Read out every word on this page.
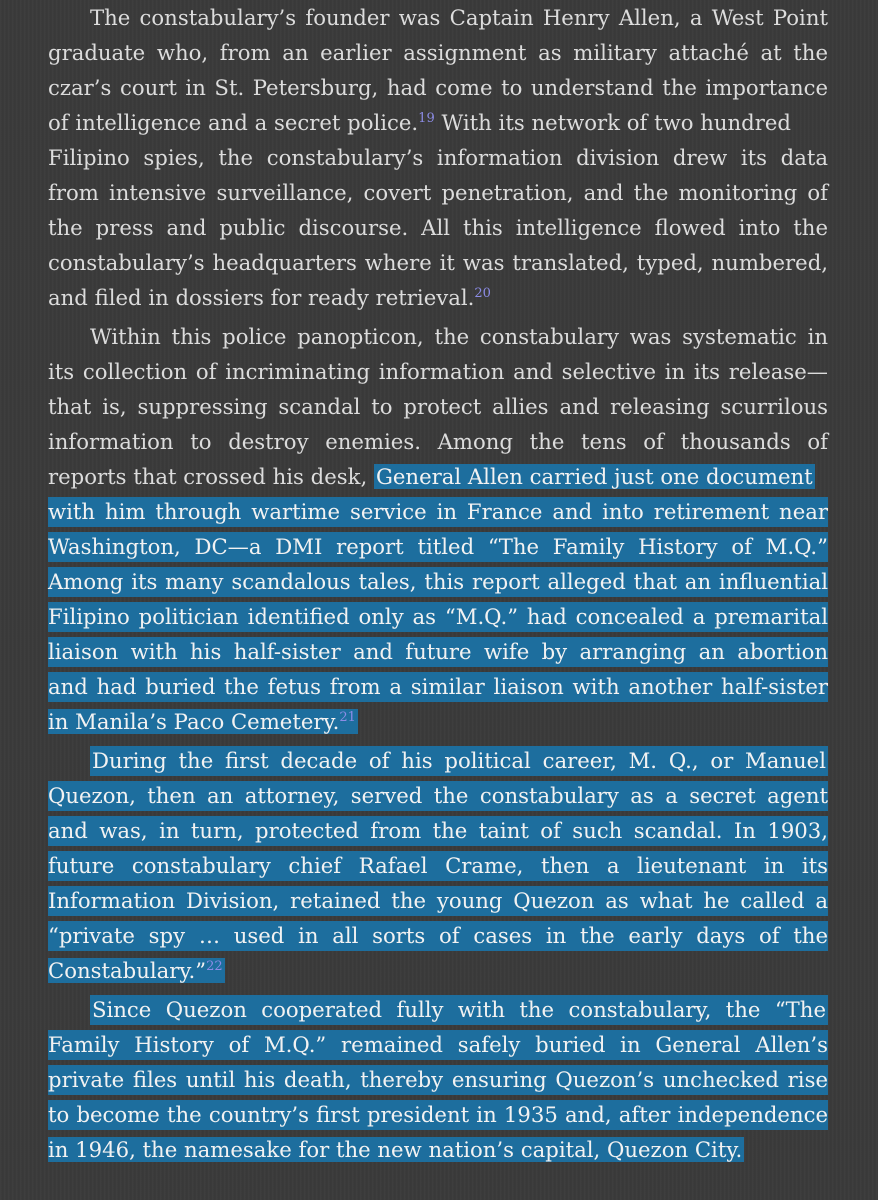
The constabulary’s founder was Captain Henry Allen, a West Point
graduate who, from an earlier assignment as military attaché at the
czar’s court in St. Petersburg, had come to understand the importance
of intelligence and a secret police.$^{19}$ With its network of two hundred
Filipino spies, the constabulary’s information division drew its data
from intensive surveillance, covert penetration, and the monitoring of
the press and public discourse. All this intelligence flowed into the
constabulary’s headquarters where it was translated, typed, numbered,
and filed in dossiers for ready retrieval.$^{20}$
Within this police panopticon, the constabulary was systematic in
its collection of incriminating information and selective in its release—
that is, suppressing scandal to protect allies and releasing scurrilous
information to destroy enemies. Among the tens of thousands of
reports that crossed his desk, General Allen carried just one document
with him through wartime service in France and into retirement near
Washington, DC—a DMI report titled “The Family History of M.Q.”
Among its many scandalous tales, this report alleged that an influential
Filipino politician identified only as “M.Q.” had concealed a premarital
liaison with his half-sister and future wife by arranging an abortion
and had buried the fetus from a similar liaison with another half-sister
in Manila’s Paco Cemetery.$^{21}$
During the first decade of his political career, M. Q., or Manuel
Quezon, then an attorney, served the constabulary as a secret agent
and was, in turn, protected from the taint of such scandal. In 1903,
future constabulary chief Rafael Crame, then a lieutenant in its
Information Division, retained the young Quezon as what he called a
“private spy … used in all sorts of cases in the early days of the
Constabulary.”$^{22}$
Since Quezon cooperated fully with the constabulary, the “The
Family History of M.Q.” remained safely buried in General Allen’s
private files until his death, thereby ensuring Quezon’s unchecked rise
to become the country’s first president in 1935 and, after independence
in 1946, the namesake for the new nation’s capital, Quezon City.
